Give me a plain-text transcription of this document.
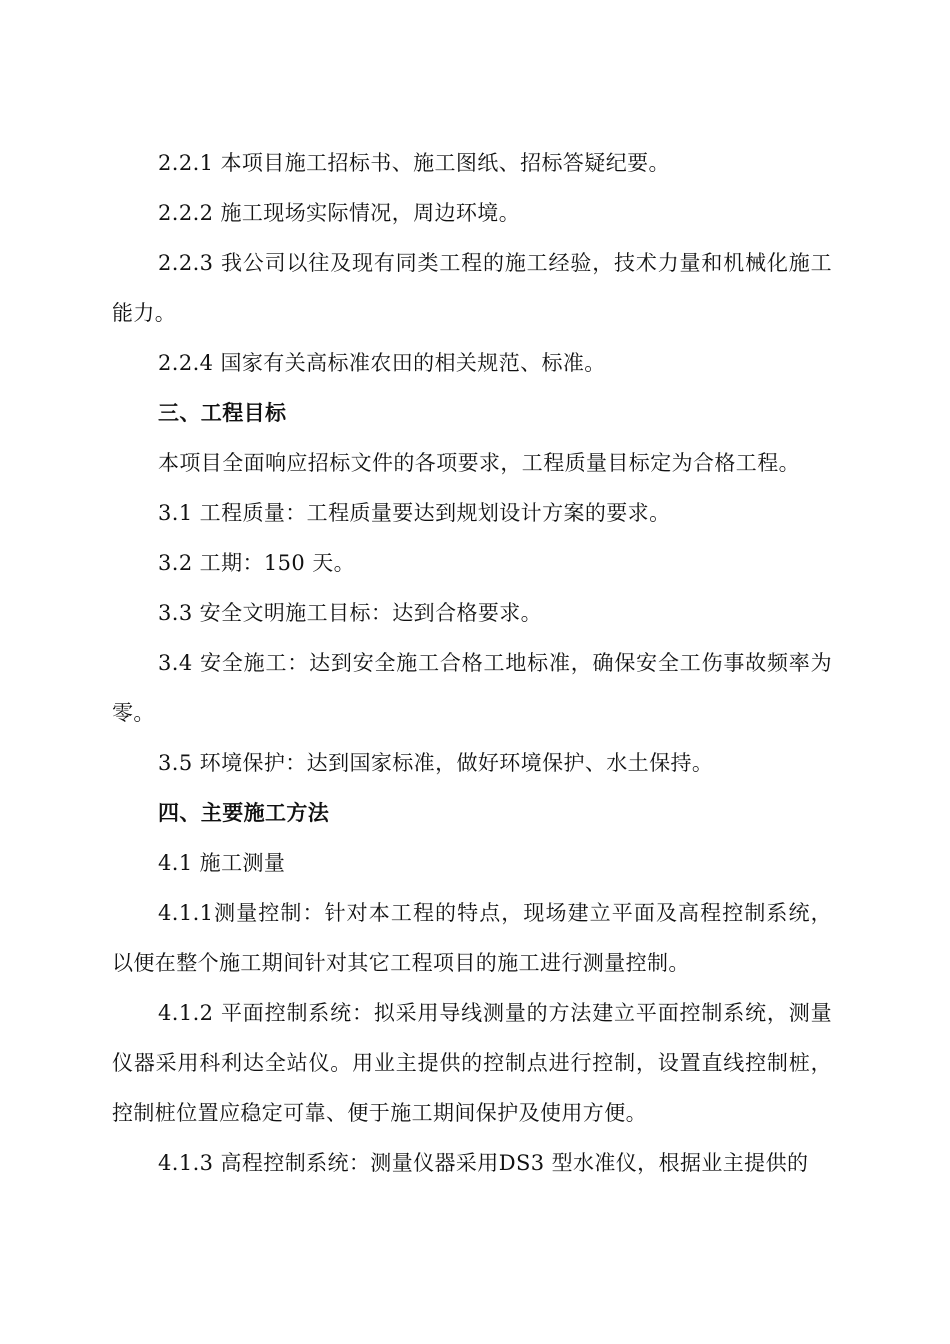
2.2.1 本项目施工招标书、施工图纸、招标答疑纪要。

2.2.2 施工现场实际情况，周边环境。

2.2.3 我公司以往及现有同类工程的施工经验，技术力量和机械化施工能力。

2.2.4 国家有关高标准农田的相关规范、标准。

三、工程目标

本项目全面响应招标文件的各项要求，工程质量目标定为合格工程。

3.1 工程质量：工程质量要达到规划设计方案的要求。

3.2 工期：150 天。

3.3 安全文明施工目标：达到合格要求。

3.4 安全施工：达到安全施工合格工地标准，确保安全工伤事故频率为零。

3.5 环境保护：达到国家标准，做好环境保护、水土保持。

四、主要施工方法

4.1 施工测量

4.1.1测量控制：针对本工程的特点，现场建立平面及高程控制系统，以便在整个施工期间针对其它工程项目的施工进行测量控制。

4.1.2 平面控制系统：拟采用导线测量的方法建立平面控制系统，测量仪器采用科利达全站仪。用业主提供的控制点进行控制，设置直线控制桩，控制桩位置应稳定可靠、便于施工期间保护及使用方便。

4.1.3 高程控制系统：测量仪器采用DS3 型水准仪，根据业主提供的
